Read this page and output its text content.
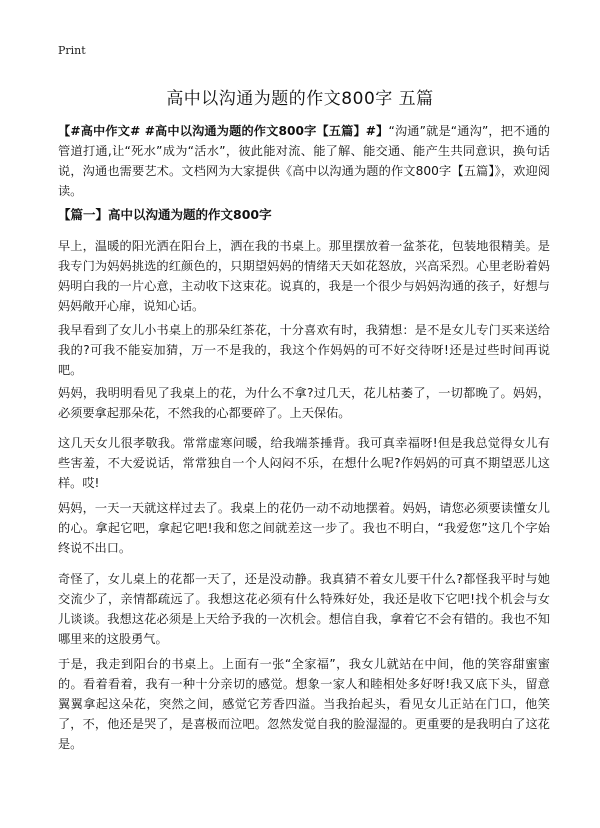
Print
高中以沟通为题的作文800字 五篇

【#高中作文# #高中以沟通为题的作文800字【五篇】#】“沟通”就是“通沟”，把不通的管道打通,让“死水”成为“活水”，彼此能对流、能了解、能交通、能产生共同意识，换句话说，沟通也需要艺术。文档网为大家提供《高中以沟通为题的作文800字【五篇】》，欢迎阅读。

【篇一】高中以沟通为题的作文800字

早上，温暖的阳光洒在阳台上，洒在我的书桌上。那里摆放着一盆茶花，包装地很精美。是我专门为妈妈挑选的红颜色的，只期望妈妈的情绪天天如花怒放，兴高采烈。心里老盼着妈妈明白我的一片心意，主动收下这束花。说真的，我是一个很少与妈妈沟通的孩子，好想与妈妈敞开心扉，说知心话。

我早看到了女儿小书桌上的那朵红茶花，十分喜欢有时，我猜想：是不是女儿专门买来送给我的?可我不能妄加猜，万一不是我的，我这个作妈妈的可不好交待呀!还是过些时间再说吧。

妈妈，我明明看见了我桌上的花，为什么不拿?过几天，花儿枯萎了，一切都晚了。妈妈，必须要拿起那朵花，不然我的心都要碎了。上天保佑。

这几天女儿很孝敬我。常常虚寒问暖，给我端茶捶背。我可真幸福呀!但是我总觉得女儿有些害羞，不大爱说话，常常独自一个人闷闷不乐，在想什么呢?作妈妈的可真不期望恶儿这样。哎!

妈妈，一天一天就这样过去了。我桌上的花仍一动不动地摆着。妈妈，请您必须要读懂女儿的心。拿起它吧，拿起它吧!我和您之间就差这一步了。我也不明白，“我爱您”这几个字始终说不出口。

奇怪了，女儿桌上的花都一天了，还是没动静。我真猜不着女儿要干什么?都怪我平时与她交流少了，亲情都疏远了。我想这花必须有什么特殊好处，我还是收下它吧!找个机会与女儿谈谈。我想这花必须是上天给予我的一次机会。想信自我，拿着它不会有错的。我也不知哪里来的这股勇气。

于是，我走到阳台的书桌上。上面有一张“全家福”，我女儿就站在中间，他的笑容甜蜜蜜的。看着看着，我有一种十分亲切的感觉。想象一家人和睦相处多好呀!我又底下头，留意翼翼拿起这朵花，突然之间，感觉它芳香四溢。当我抬起头，看见女儿正站在门口，他笑了，不，他还是哭了，是喜极而泣吧。忽然发觉自我的脸湿湿的。更重要的是我明白了这花是。
